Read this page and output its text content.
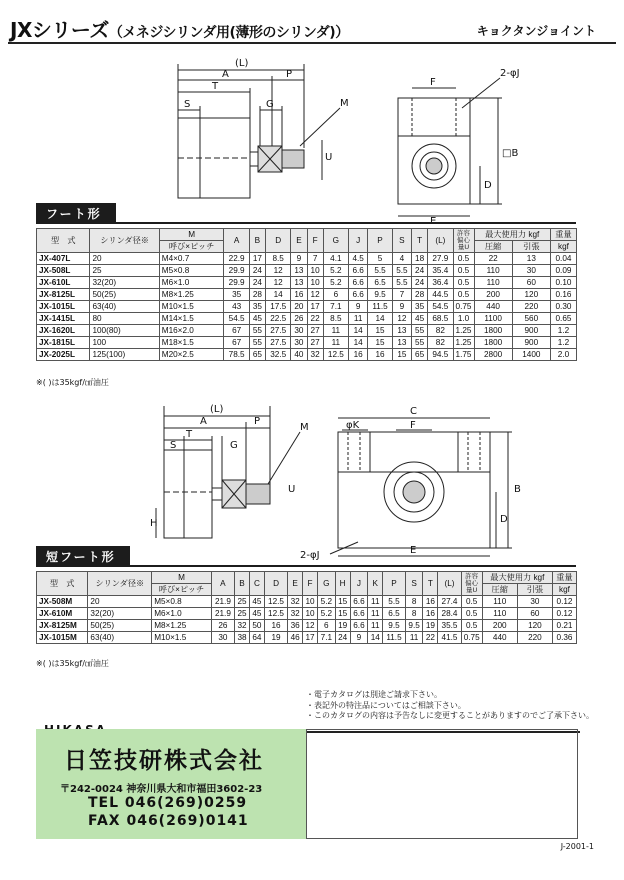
JXシリーズ（メネジシリンダ用(薄形のシリンダ)）	キョクタンジョイント
(L)
A	P
T
S	G	M
U
2-φJ
F
□B
D
E
フート形
型　式	シリンダ径※	M	A	B	D	E	F	G	J	P	S	T	(L)	許容偏心量U	最大使用力 kgf		重量
		呼び×ピッチ													圧縮	引張	kgf
JX-407L	20	M4×0.7	22.9	17	8.5	9	7	4.1	4.5	5	4	18	27.9	0.5	22	13	0.04
JX-508L	25	M5×0.8	29.9	24	12	13	10	5.2	6.6	5.5	5.5	24	35.4	0.5	110	30	0.09
JX-610L	32(20)	M6×1.0	29.9	24	12	13	10	5.2	6.6	6.5	5.5	24	36.4	0.5	110	60	0.10
JX-8125L	50(25)	M8×1.25	35	28	14	16	12	6	6.6	9.5	7	28	44.5	0.5	200	120	0.16
JX-1015L	63(40)	M10×1.5	43	35	17.5	20	17	7.1	9	11.5	9	35	54.5	0.75	440	220	0.30
JX-1415L	80	M14×1.5	54.5	45	22.5	26	22	8.5	11	14	12	45	68.5	1.0	1100	560	0.65
JX-1620L	100(80)	M16×2.0	67	55	27.5	30	27	11	14	15	13	55	82	1.25	1800	900	1.2
JX-1815L	100	M18×1.5	67	55	27.5	30	27	11	14	15	13	55	82	1.25	1800	900	1.2
JX-2025L	125(100)	M20×2.5	78.5	65	32.5	40	32	12.5	16	16	15	65	94.5	1.75	2800	1400	2.0
※( )は35kgf/㎠油圧
(L)
A	P
T
S	G
M
U
H
2-φJ
C
φK	F
B
D
E
短フート形
型　式	シリンダ径※	M	A	B	C	D	E	F	G	H	J	K	P	S	T	(L)	許容偏心量U	最大使用力 kgf		重量
		呼び×ピッチ																圧縮	引張	kgf
JX-508M	20	M5×0.8	21.9	25	45	12.5	32	10	5.2	15	6.6	11	5.5	8	16	27.4	0.5	110	30	0.12
JX-610M	32(20)	M6×1.0	21.9	25	45	12.5	32	10	5.2	15	6.6	11	6.5	8	16	28.4	0.5	110	60	0.12
JX-8125M	50(25)	M8×1.25	26	32	50	16	36	12	6	19	6.6	11	9.5	9.5	19	35.5	0.5	200	120	0.21
JX-1015M	63(40)	M10×1.5	30	38	64	19	46	17	7.1	24	9	14	11.5	11	22	41.5	0.75	440	220	0.36
※( )は35kgf/㎠油圧
・電子カタログは別途ご請求下さい。
・表記外の特注品についてはご相談下さい。
・このカタログの内容は予告なしに変更することがありますのでご了承下さい。
日笠技研株式会社
〒242-0024 神奈川県大和市福田3602-23
TEL 046(269)0259
FAX 046(269)0141
J-2001-1
